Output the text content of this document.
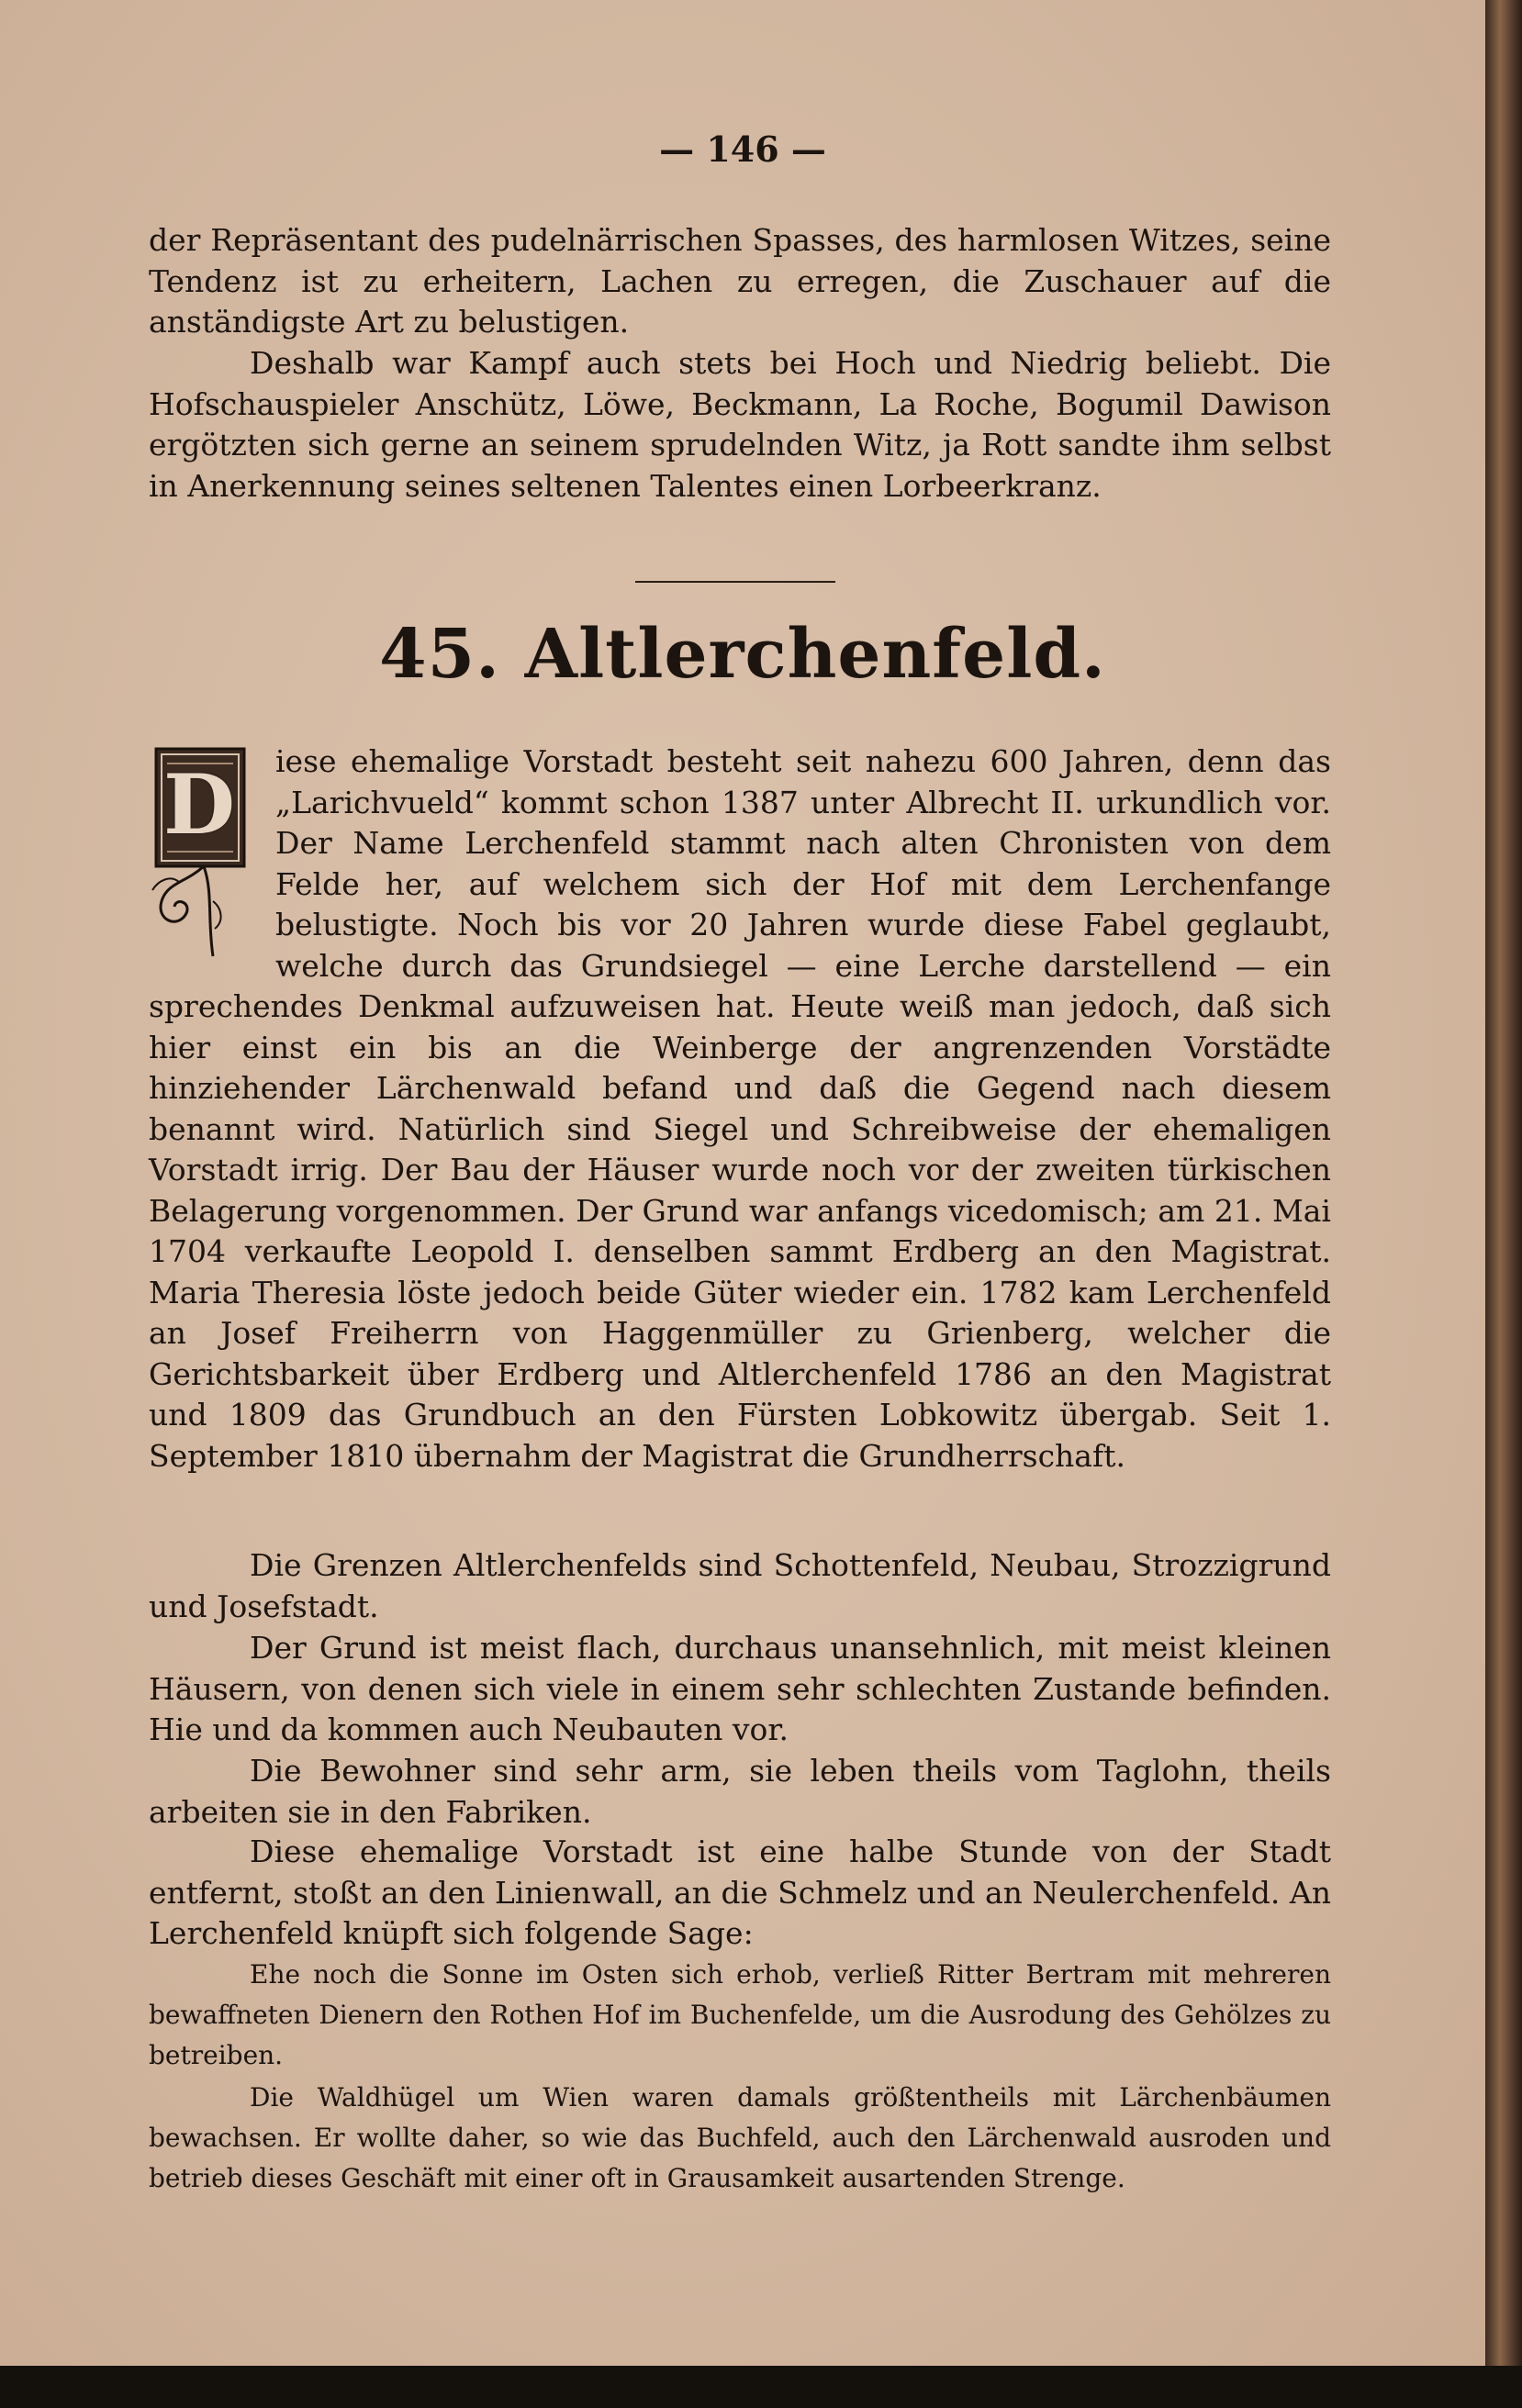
— 146 —

der Repräsentant des pudelnärrischen Spasses, des harmlosen Witzes, seine Tendenz ist zu erheitern, Lachen zu erregen, die Zuschauer auf die anständigste Art zu belustigen.

Deshalb war Kampf auch stets bei Hoch und Niedrig beliebt. Die Hofschauspieler Anschütz, Löwe, Beckmann, La Roche, Bogumil Dawison ergötzten sich gerne an seinem sprudelnden Witz, ja Rott sandte ihm selbst in Anerkennung seines seltenen Talentes einen Lorbeerkranz.

45. Altlerchenfeld.

D iese ehemalige Vorstadt besteht seit nahezu 600 Jahren, denn das „Larichvueld“ kommt schon 1387 unter Albrecht II. urkundlich vor. Der Name Lerchenfeld stammt nach alten Chronisten von dem Felde her, auf welchem sich der Hof mit dem Lerchenfange belustigte. Noch bis vor 20 Jahren wurde diese Fabel geglaubt, welche durch das Grundsiegel — eine Lerche darstellend — ein sprechendes Denkmal aufzuweisen hat. Heute weiß man jedoch, daß sich hier einst ein bis an die Weinberge der angrenzenden Vorstädte hinziehender Lärchenwald befand und daß die Gegend nach diesem benannt wird. Natürlich sind Siegel und Schreibweise der ehemaligen Vorstadt irrig. Der Bau der Häuser wurde noch vor der zweiten türkischen Belagerung vorgenommen. Der Grund war anfangs vicedomisch; am 21. Mai 1704 verkaufte Leopold I. denselben sammt Erdberg an den Magistrat. Maria Theresia löste jedoch beide Güter wieder ein. 1782 kam Lerchenfeld an Josef Freiherrn von Haggenmüller zu Grienberg, welcher die Gerichtsbarkeit über Erdberg und Altlerchenfeld 1786 an den Magistrat und 1809 das Grundbuch an den Fürsten Lobkowitz übergab. Seit 1. September 1810 übernahm der Magistrat die Grundherrschaft.

Die Grenzen Altlerchenfelds sind Schottenfeld, Neubau, Strozzigrund und Josefstadt.

Der Grund ist meist flach, durchaus unansehnlich, mit meist kleinen Häusern, von denen sich viele in einem sehr schlechten Zustande befinden. Hie und da kommen auch Neubauten vor.

Die Bewohner sind sehr arm, sie leben theils vom Taglohn, theils arbeiten sie in den Fabriken.

Diese ehemalige Vorstadt ist eine halbe Stunde von der Stadt entfernt, stoßt an den Linienwall, an die Schmelz und an Neulerchenfeld. An Lerchenfeld knüpft sich folgende Sage:

Ehe noch die Sonne im Osten sich erhob, verließ Ritter Bertram mit mehreren bewaffneten Dienern den Rothen Hof im Buchenfelde, um die Ausrodung des Gehölzes zu betreiben.

Die Waldhügel um Wien waren damals größtentheils mit Lärchenbäumen bewachsen. Er wollte daher, so wie das Buchfeld, auch den Lärchenwald ausroden und betrieb dieses Geschäft mit einer oft in Grausamkeit ausartenden Strenge.
